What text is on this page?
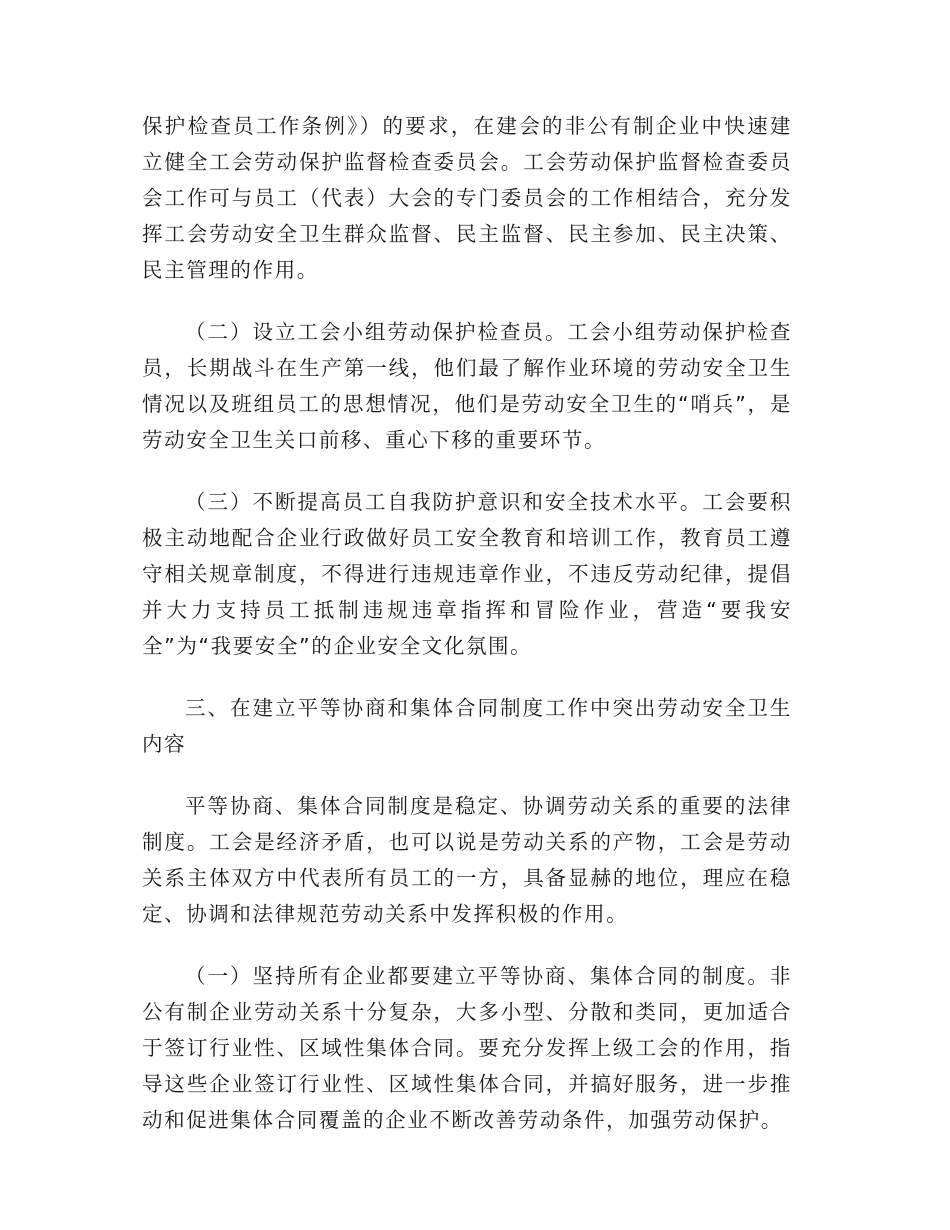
保护检查员工作条例》）的要求，在建会的非公有制企业中快速建立健全工会劳动保护监督检查委员会。工会劳动保护监督检查委员会工作可与员工（代表）大会的专门委员会的工作相结合，充分发挥工会劳动安全卫生群众监督、民主监督、民主参加、民主决策、民主管理的作用。

（二）设立工会小组劳动保护检查员。工会小组劳动保护检查员，长期战斗在生产第一线，他们最了解作业环境的劳动安全卫生情况以及班组员工的思想情况，他们是劳动安全卫生的“哨兵”，是劳动安全卫生关口前移、重心下移的重要环节。

（三）不断提高员工自我防护意识和安全技术水平。工会要积极主动地配合企业行政做好员工安全教育和培训工作，教育员工遵守相关规章制度，不得进行违规违章作业，不违反劳动纪律，提倡并大力支持员工抵制违规违章指挥和冒险作业，营造“要我安全”为“我要安全”的企业安全文化氛围。

三、在建立平等协商和集体合同制度工作中突出劳动安全卫生内容

平等协商、集体合同制度是稳定、协调劳动关系的重要的法律制度。工会是经济矛盾，也可以说是劳动关系的产物，工会是劳动关系主体双方中代表所有员工的一方，具备显赫的地位，理应在稳定、协调和法律规范劳动关系中发挥积极的作用。

（一）坚持所有企业都要建立平等协商、集体合同的制度。非公有制企业劳动关系十分复杂，大多小型、分散和类同，更加适合于签订行业性、区域性集体合同。要充分发挥上级工会的作用，指导这些企业签订行业性、区域性集体合同，并搞好服务，进一步推动和促进集体合同覆盖的企业不断改善劳动条件，加强劳动保护。
